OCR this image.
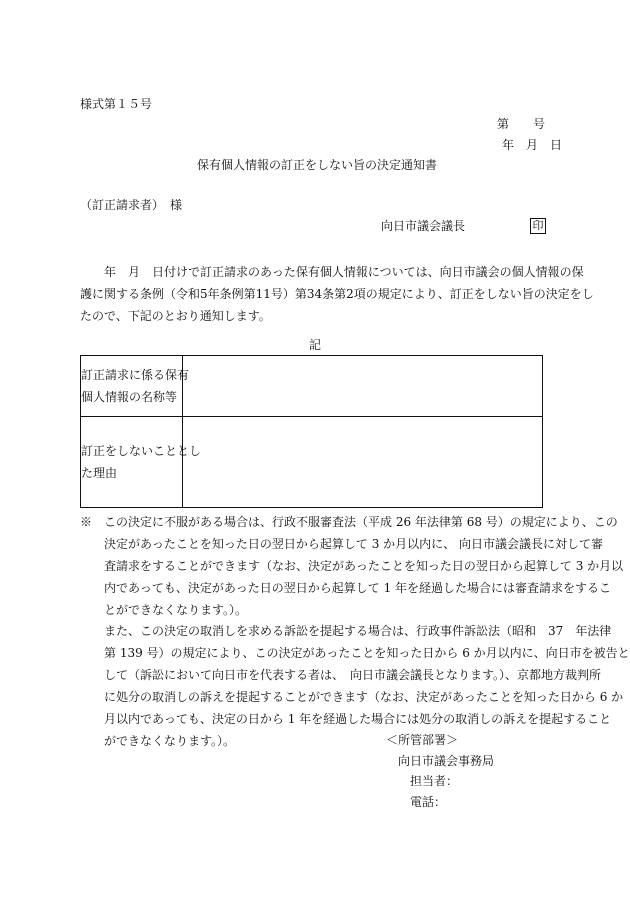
様式第１５号
第　　号
年　月　日
保有個人情報の訂正をしない旨の決定通知書
（訂正請求者）　様
向日市議会議長	印
　　年　月　日付けで訂正請求のあった保有個人情報については、向日市議会の個人情報の保
護に関する条例（令和5年条例第11号）第34条第2項の規定により、訂正をしない旨の決定をし
たので、下記のとおり通知します。
記
訂正請求に係る保有
個人情報の名称等	

訂正をしないこととし
た理由	

※　この決定に不服がある場合は、行政不服審査法（平成 26 年法律第 68 号）の規定により、この
　　決定があったことを知った日の翌日から起算して 3 か月以内に、 向日市議会議長に対して審
　　査請求をすることができます（なお、決定があったことを知った日の翌日から起算して 3 か月以
　　内であっても、決定があった日の翌日から起算して 1 年を経過した場合には審査請求をするこ
　　とができなくなります。）。
　　また、この決定の取消しを求める訴訟を提起する場合は、行政事件訴訟法（昭和　37　年法律
　　第 139 号）の規定により、この決定があったことを知った日から 6 か月以内に、向日市を被告と
　　して（訴訟において向日市を代表する者は、　向日市議会議長となります。）、京都地方裁判所
　　に処分の取消しの訴えを提起することができます（なお、決定があったことを知った日から 6 か
　　月以内であっても、決定の日から 1 年を経過した場合には処分の取消しの訴えを提起すること
　　ができなくなります。）。	＜所管部署＞
向日市議会事務局
担当者：
電話：
